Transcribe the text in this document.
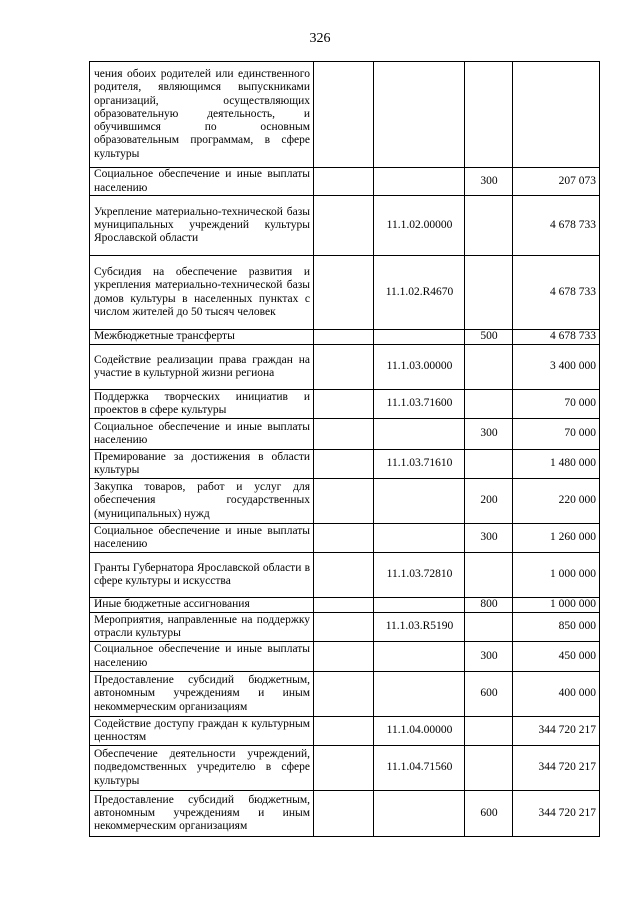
326
чения обоих родителей или единственного родителя, являющимся выпускниками организаций, осуществляющих образовательную деятельность, и обучившимся по основным образовательным программам, в сфере культуры				
Социальное обеспечение и иные выплаты населению			300	207 073
Укрепление материально-технической базы муниципальных учреждений культуры Ярославской области		11.1.02.00000		4 678 733
Субсидия на обеспечение развития и укрепления материально-технической базы домов культуры в населенных пунктах с числом жителей до 50 тысяч человек		11.1.02.R4670		4 678 733
Межбюджетные трансферты			500	4 678 733
Содействие реализации права граждан на участие в культурной жизни региона		11.1.03.00000		3 400 000
Поддержка творческих инициатив и проектов в сфере культуры		11.1.03.71600		70 000
Социальное обеспечение и иные выплаты населению			300	70 000
Премирование за достижения в области культуры		11.1.03.71610		1 480 000
Закупка товаров, работ и услуг для обеспечения государственных (муниципальных) нужд			200	220 000
Социальное обеспечение и иные выплаты населению			300	1 260 000
Гранты Губернатора Ярославской области в сфере культуры и искусства		11.1.03.72810		1 000 000
Иные бюджетные ассигнования			800	1 000 000
Мероприятия, направленные на поддержку отрасли культуры		11.1.03.R5190		850 000
Социальное обеспечение и иные выплаты населению			300	450 000
Предоставление субсидий бюджетным, автономным учреждениям и иным некоммерческим организациям			600	400 000
Содействие доступу граждан к культурным ценностям		11.1.04.00000		344 720 217
Обеспечение деятельности учреждений, подведомственных учредителю в сфере культуры		11.1.04.71560		344 720 217
Предоставление субсидий бюджетным, автономным учреждениям и иным некоммерческим организациям			600	344 720 217
